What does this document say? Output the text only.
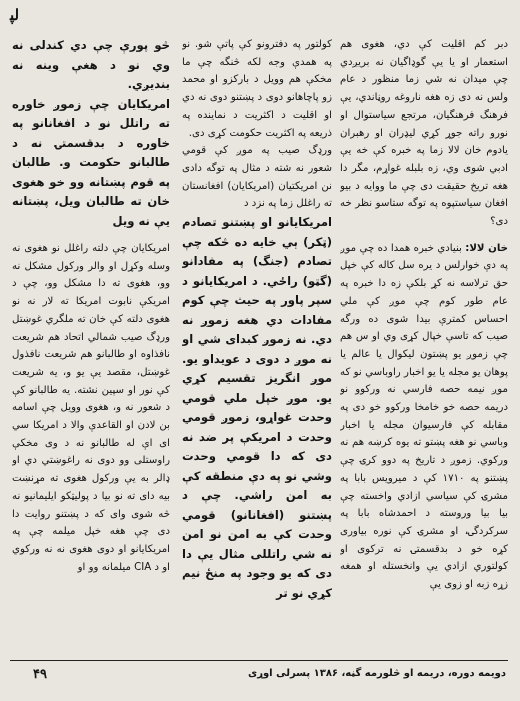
ﻟﭙ

دبر کم اقلیت کې دي، هغوی هم استعمار او یا یې گوډاگیان نه بریږدي چې میدان نه شي زما منظور د عام ولس نه دی زه هغه ناروغه روڼاندي، یې فرهنگ فرهنگیان، مرتجع سیاستوال او نورو راته جوړ کړي لیډران او رهبران یادوم خان لالا زما په خبره کې خه یې ادبي شوی وي، زه بلبله غواړم، مگر دا هغه تریخ حقیقت دی چې ما ووایه د بیو افغان سیاستپوه په توگه ستاسو نظر خه دی؟

خان لالا: بنیادي خبره همدا ده چې موږ په دې خوارلس د یره سل کاله کې خپل حق ترلاسه نه کړ بلکې زه دا خبره په عام طور کوم چې موږ کې ملي احساس کمترې بیدا شوی ده ورگه صیب که تاسې خپال کړی وي او س هم چې زموږ یو پښتون لیکوال یا عالم یا پوهان یو مجله یا یو اخبار راوباسي نو که موږ نیمه حصه فارسي نه ورکوو نو دریمه حصه خو خامخا ورکوو خو دی په مقابله کې فارسیوان مجله یا اخبار وباسي نو هغه پښتو ته یوه کرښه هم نه ورکوي. زموږ د تاریخ په دوو کرۍ چې پښتنو په ۱۷۱۰ کې د میرویس بابا په مشرۍ کې سیاسي ازادي واخسته چې بیا بیا وروسته د احمدشاه بابا په سرکردگۍ، او مشرۍ کې نوره بیاوری کړه خو د بدقسمتۍ نه ترکوی او کولتوري ازادي یې وانخستله او همغه زړه زبه او زوی یې

کولتور په دفترونو کې پاتې شو. نو په همدې وجه لکه څنگه چې ما مخکې هم وویل د بارکزو او محمد زو پاچاهانو دوی د پښتنو دوی نه دي او اقلیت د اکثریت د نماینده په ذریعه په اکثریت حکومت کړی دی.

ورډگ صیب په موږ کې قومي شعور نه شته د مثال په توگه دادی نن امریکتیان (امریکایان) افغانستان ته راغلل زما په نزد د

امریکایانو او پښتنو تصادم (ټکر) ېي خایه ده څکه چې تصادم (جنگ) په مفادانو (گټو) راځي. د امریکایانو د سپر پاور په حیث چې کوم مفادات دي هغه زموږ نه دي. نه زموږ کبدای شي او نه موږ د دوی د عویداو یو. موږ انگریز تقسیم کړي یو. موږ خپل ملي قومي وحدت غواړو، زموږ قومي وحدت د امریکې پر ضد نه دی که دا قومي وحدت وشي نو په دې منطقه کې به امن راشي. چې د پښتنو (افغانانو) قومي وحدت کې به امن نو امن نه شي راتللی مثال یې دا دی که یو وجود په منځ نیم کړي نو تر

څو پورې چې دي کندلی نه وي نو د هغې وینه نه بندیږي.

امریکایان چې زموږ خاوره ته راتلل نو د افغانانو په خاوره د بدقسمتۍ نه د طالبانو حکومت و. طالبان په قوم پښتانه وو خو هغوی خان ته طالبان ویل، پښتانه یې نه ویل

امریکایان چې دلته راغلل نو هغوی نه وسله وکړل او والر ورکول مشکل نه وو، هغوی ته دا مشکل وو، چې د امریکې نابوت امریکا ته لار نه نو هغوی دلته کې خان ته ملگري غوښتل ورډگ صیب شمالي اتحاد هم شریعت نافذاوه او طالبانو هم شریعت نافذول غوښتل، مقصد یې یو و، یه شریعت کې نور او سپین نشته. یه طالبانو کې د شعور نه و، هغوی وویل چې اسامه بن لادن او القاعدې والا د امریکا سي ای اې له طالبانو نه د وی مخکې راوستلی وو دوی نه راغوښتي دي او ډالر به یې ورکول هغوی ته مړنښت بیه دای ته نو بیا د پولیټکو ایلیمانیو نه څه شوی وای که د پښتنو روایت دا دی چې هغه خپل میلمه چې په امریکایانو او دوی هغوی نه نه ورکوي او د CIA میلمانه وو او

۴۹	دویمه دوره، دریمه او څلورمه گڼه، ۱۳۸۶ پسرلی اوړی
